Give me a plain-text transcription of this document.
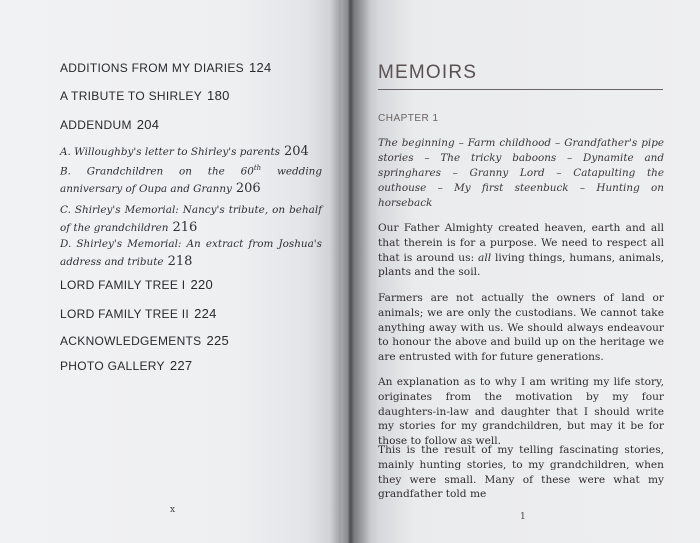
ADDITIONS FROM MY DIARIES 124
A TRIBUTE TO SHIRLEY 180
ADDENDUM 204
A. Willoughby's letter to Shirley's parents 204
B. Grandchildren on the 60th wedding anniversary of Oupa and Granny 206
C. Shirley's Memorial: Nancy's tribute, on behalf of the grandchildren 216
D. Shirley's Memorial: An extract from Joshua's address and tribute 218
LORD FAMILY TREE I 220
LORD FAMILY TREE II 224
ACKNOWLEDGEMENTS 225
PHOTO GALLERY 227
x
MEMOIRS
CHAPTER 1
The beginning – Farm childhood – Grandfather's pipe stories – The tricky baboons – Dynamite and springhares – Granny Lord – Catapulting the outhouse – My first steenbuck – Hunting on horseback
Our Father Almighty created heaven, earth and all that therein is for a purpose. We need to respect all that is around us: all living things, humans, animals, plants and the soil.
Farmers are not actually the owners of land or animals; we are only the custodians. We cannot take anything away with us. We should always endeavour to honour the above and build up on the heritage we are entrusted with for future generations.
An explanation as to why I am writing my life story, originates from the motivation by my four daughters-in-law and daughter that I should write my stories for my grandchildren, but may it be for those to follow as well.
This is the result of my telling fascinating stories, mainly hunting stories, to my grandchildren, when they were small. Many of these were what my grandfather told me
1
